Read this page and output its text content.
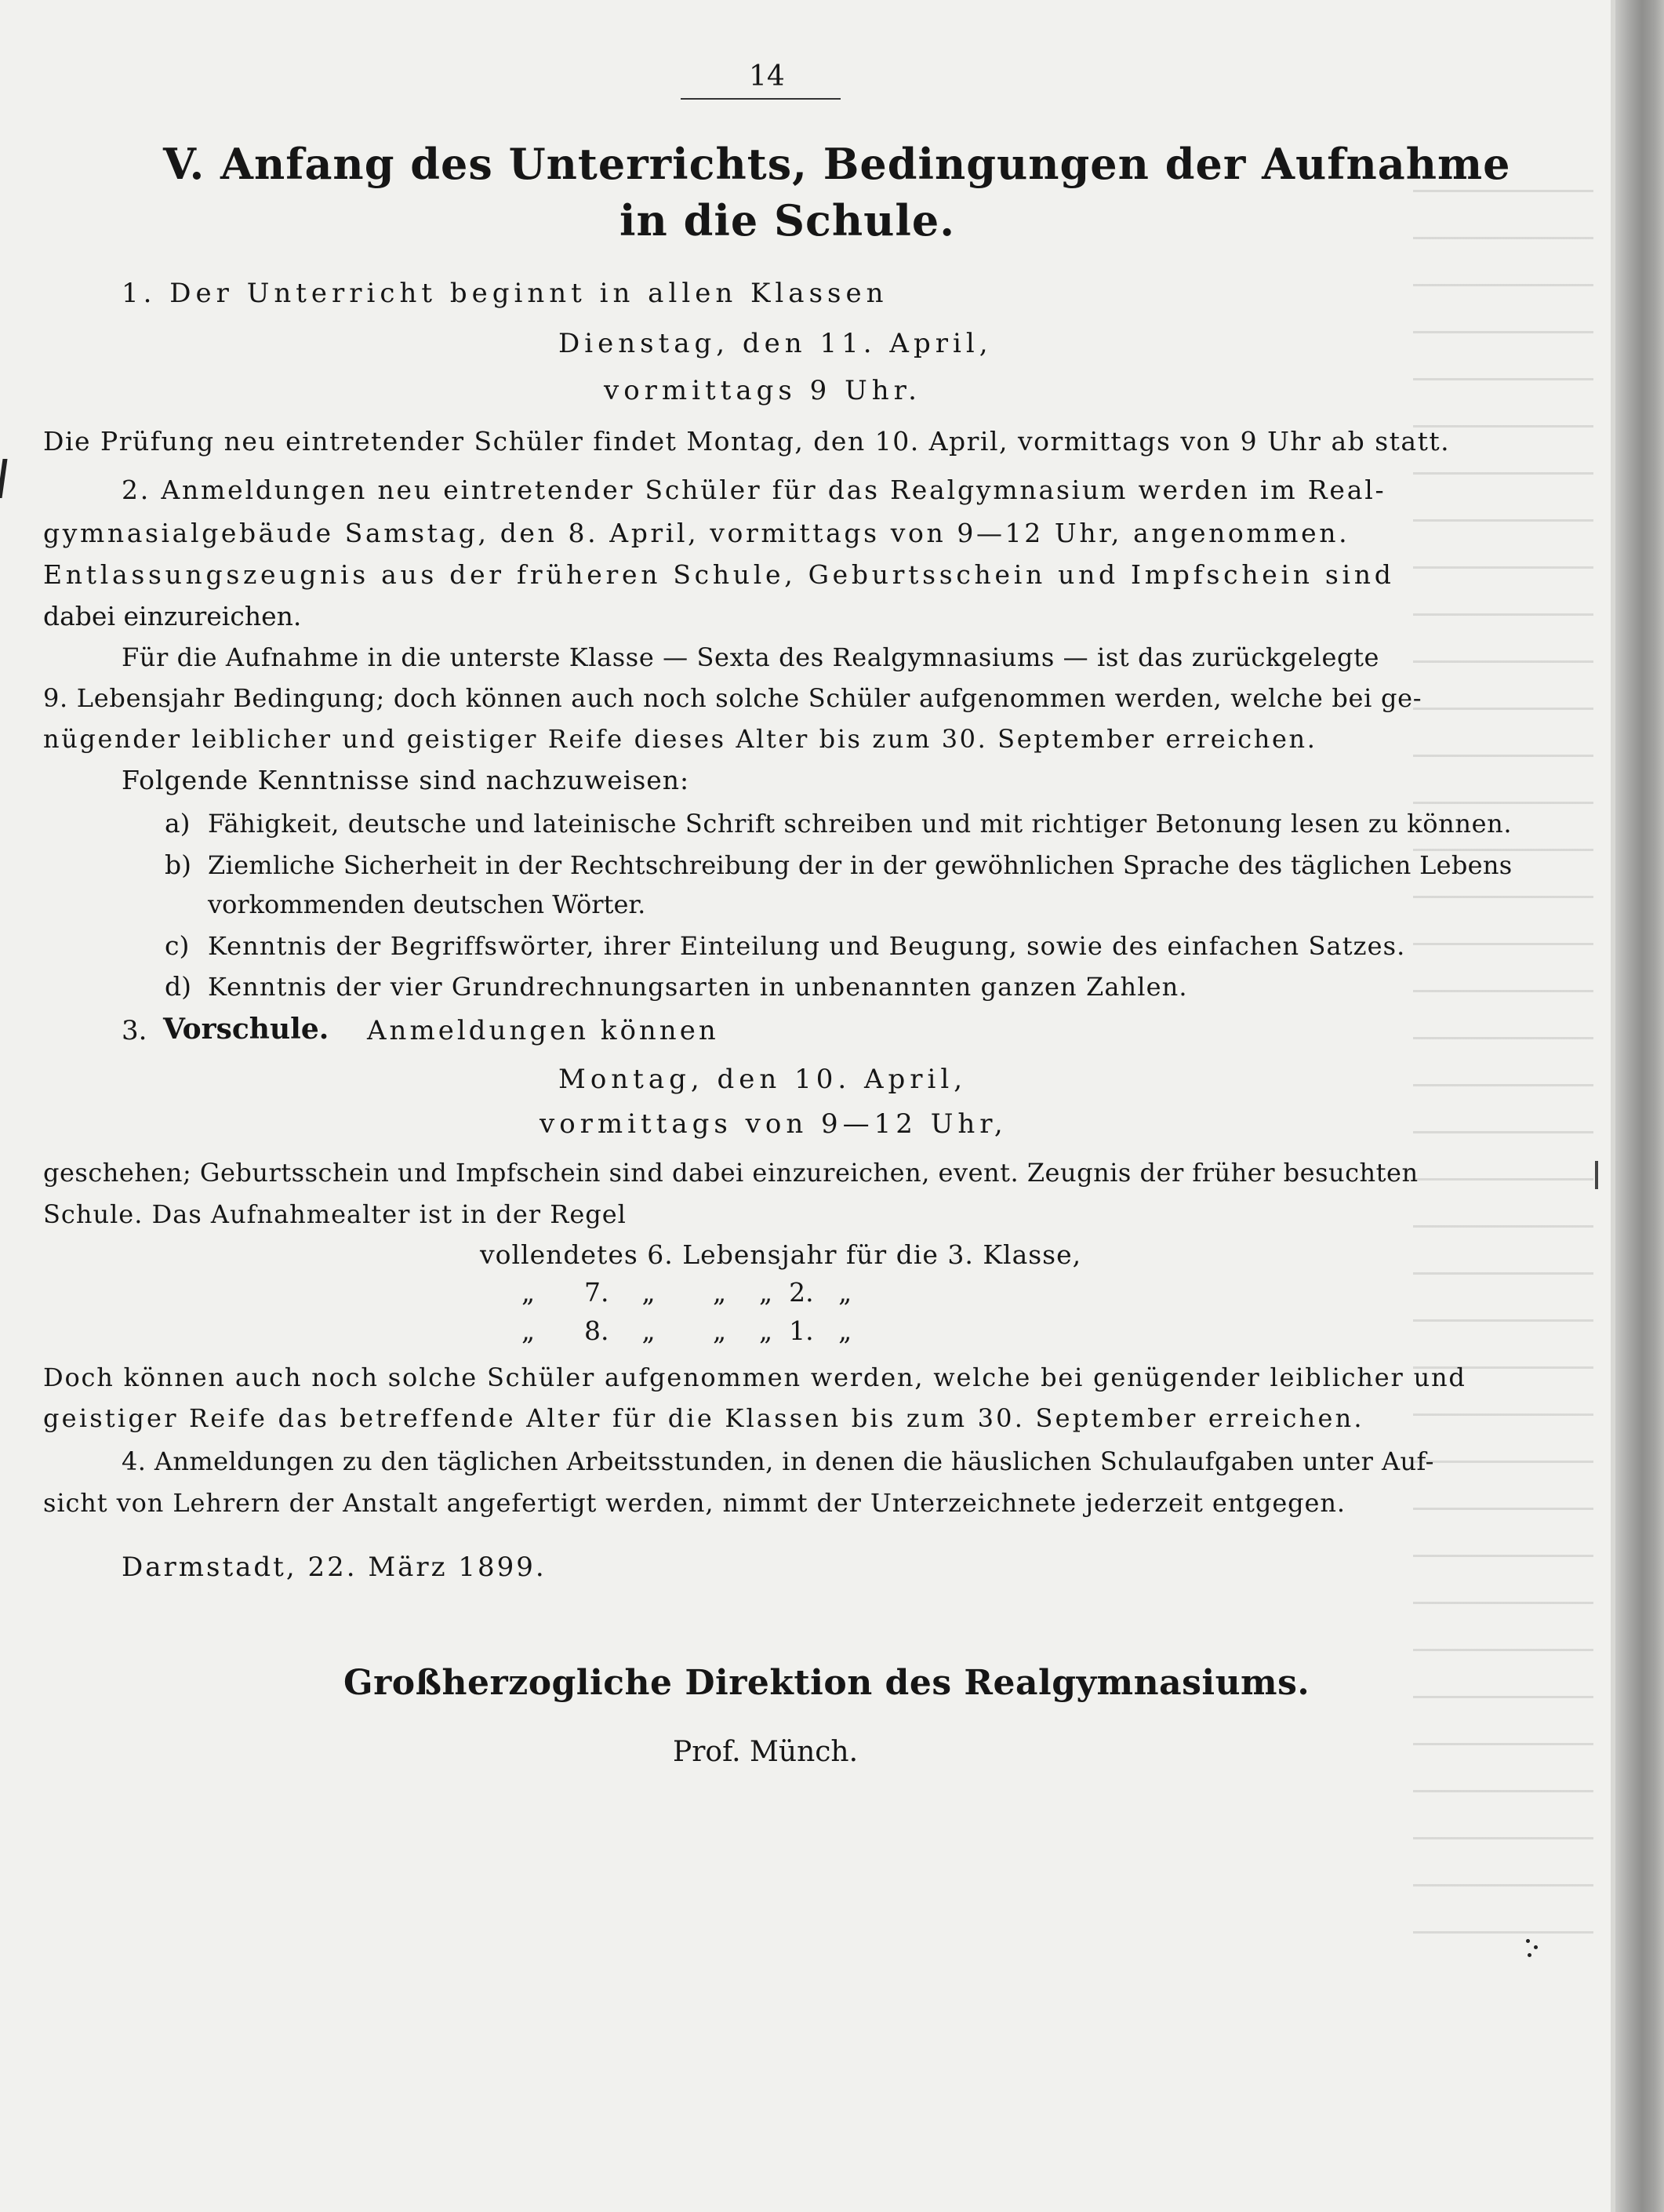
14
V. Anfang des Unterrichts, Bedingungen der Aufnahme
in die Schule.
1. Der Unterricht beginnt in allen Klassen
Dienstag, den 11. April,
vormittags 9 Uhr.
Die Prüfung neu eintretender Schüler findet Montag, den 10. April, vormittags von 9 Uhr ab statt.
2. Anmeldungen neu eintretender Schüler für das Realgymnasium werden im Real-
gymnasialgebäude Samstag, den 8. April, vormittags von 9—12 Uhr, angenommen.
Entlassungszeugnis aus der früheren Schule, Geburtsschein und Impfschein sind
dabei einzureichen.
Für die Aufnahme in die unterste Klasse — Sexta des Realgymnasiums — ist das zurückgelegte
9. Lebensjahr Bedingung; doch können auch noch solche Schüler aufgenommen werden, welche bei ge-
nügender leiblicher und geistiger Reife dieses Alter bis zum 30. September erreichen.
Folgende Kenntnisse sind nachzuweisen:
a) Fähigkeit, deutsche und lateinische Schrift schreiben und mit richtiger Betonung lesen zu können.
b) Ziemliche Sicherheit in der Rechtschreibung der in der gewöhnlichen Sprache des täglichen Lebens
vorkommenden deutschen Wörter.
c) Kenntnis der Begriffswörter, ihrer Einteilung und Beugung, sowie des einfachen Satzes.
d) Kenntnis der vier Grundrechnungsarten in unbenannten ganzen Zahlen.
3. Vorschule. Anmeldungen können
Montag, den 10. April,
vormittags von 9—12 Uhr,
geschehen; Geburtsschein und Impfschein sind dabei einzureichen, event. Zeugnis der früher besuchten
Schule. Das Aufnahmealter ist in der Regel
vollendetes 6. Lebensjahr für die 3. Klasse,
„      7.    „       „    „  2.   „
„      8.    „       „    „  1.   „
Doch können auch noch solche Schüler aufgenommen werden, welche bei genügender leiblicher und
geistiger Reife das betreffende Alter für die Klassen bis zum 30. September erreichen.
4. Anmeldungen zu den täglichen Arbeitsstunden, in denen die häuslichen Schulaufgaben unter Auf-
sicht von Lehrern der Anstalt angefertigt werden, nimmt der Unterzeichnete jederzeit entgegen.
Darmstadt, 22. März 1899.
Großherzogliche Direktion des Realgymnasiums.
Prof. Münch.
